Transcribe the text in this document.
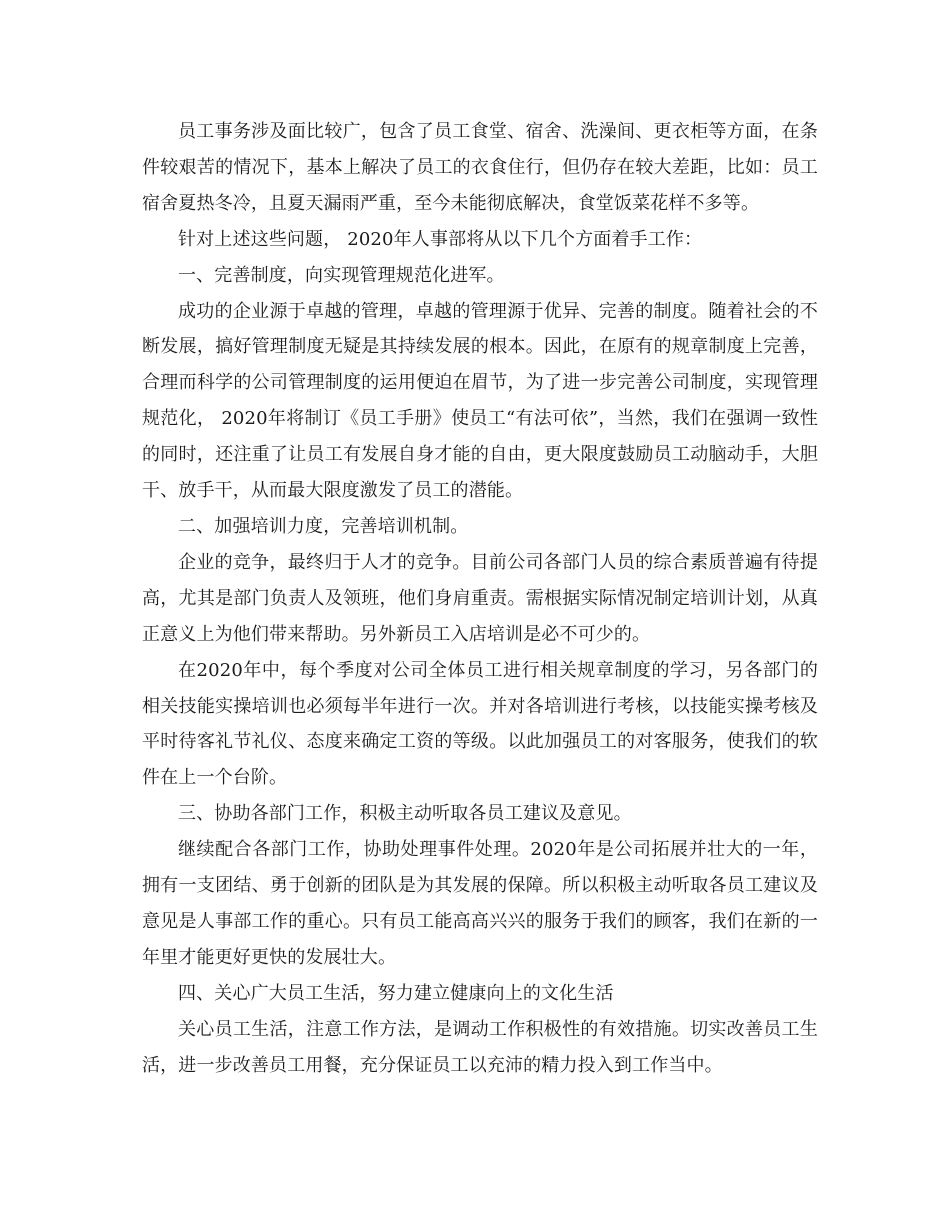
员工事务涉及面比较广，包含了员工食堂、宿舍、洗澡间、更衣柜等方面，在条件较艰苦的情况下，基本上解决了员工的衣食住行，但仍存在较大差距，比如：员工宿舍夏热冬冷，且夏天漏雨严重，至今未能彻底解决，食堂饭菜花样不多等。

针对上述这些问题， 2020年人事部将从以下几个方面着手工作：

一、完善制度，向实现管理规范化进军。

成功的企业源于卓越的管理，卓越的管理源于优异、完善的制度。随着社会的不断发展，搞好管理制度无疑是其持续发展的根本。因此，在原有的规章制度上完善，合理而科学的公司管理制度的运用便迫在眉节，为了进一步完善公司制度，实现管理规范化， 2020年将制订《员工手册》使员工“有法可依”，当然，我们在强调一致性的同时，还注重了让员工有发展自身才能的自由，更大限度鼓励员工动脑动手，大胆干、放手干，从而最大限度激发了员工的潜能。

二、加强培训力度，完善培训机制。

企业的竞争，最终归于人才的竞争。目前公司各部门人员的综合素质普遍有待提高，尤其是部门负责人及领班，他们身肩重责。需根据实际情况制定培训计划，从真正意义上为他们带来帮助。另外新员工入店培训是必不可少的。

在2020年中，每个季度对公司全体员工进行相关规章制度的学习，另各部门的相关技能实操培训也必须每半年进行一次。并对各培训进行考核，以技能实操考核及平时待客礼节礼仪、态度来确定工资的等级。以此加强员工的对客服务，使我们的软件在上一个台阶。

三、协助各部门工作，积极主动听取各员工建议及意见。

继续配合各部门工作，协助处理事件处理。2020年是公司拓展并壮大的一年，拥有一支团结、勇于创新的团队是为其发展的保障。所以积极主动听取各员工建议及意见是人事部工作的重心。只有员工能高高兴兴的服务于我们的顾客，我们在新的一年里才能更好更快的发展壮大。

四、关心广大员工生活，努力建立健康向上的文化生活

关心员工生活，注意工作方法，是调动工作积极性的有效措施。切实改善员工生活，进一步改善员工用餐，充分保证员工以充沛的精力投入到工作当中。
